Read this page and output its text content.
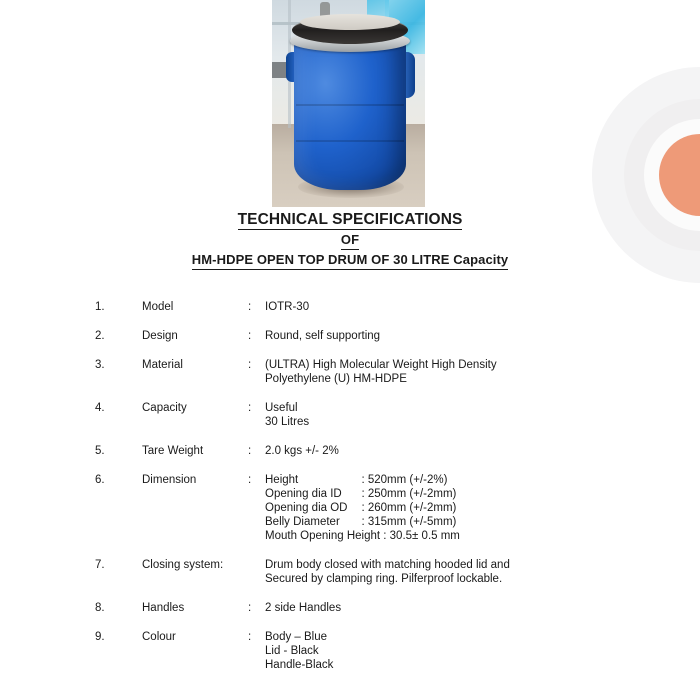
TECHNICAL SPECIFICATIONS
OF
HM-HDPE OPEN TOP DRUM OF 30 LITRE Capacity
1.	Model	:	IOTR-30
2.	Design	:	Round, self supporting
3.	Material	:	(ULTRA) High Molecular Weight High Density
Polyethylene (U) HM-HDPE
4.	Capacity	:	Useful
30 Litres
5.	Tare Weight	:	2.0 kgs +/- 2%
6.	Dimension	:	Height	: 520mm (+/-2%)
Opening dia ID	: 250mm (+/-2mm)
Opening dia OD	: 260mm (+/-2mm)
Belly Diameter	: 315mm (+/-5mm)
Mouth Opening Height : 30.5± 0.5 mm
7.	Closing system:	Drum body closed with matching hooded lid and
Secured by clamping ring. Pilferproof lockable.
8.	Handles	:	2 side Handles
9.	Colour	:	Body – Blue
Lid - Black
Handle-Black
